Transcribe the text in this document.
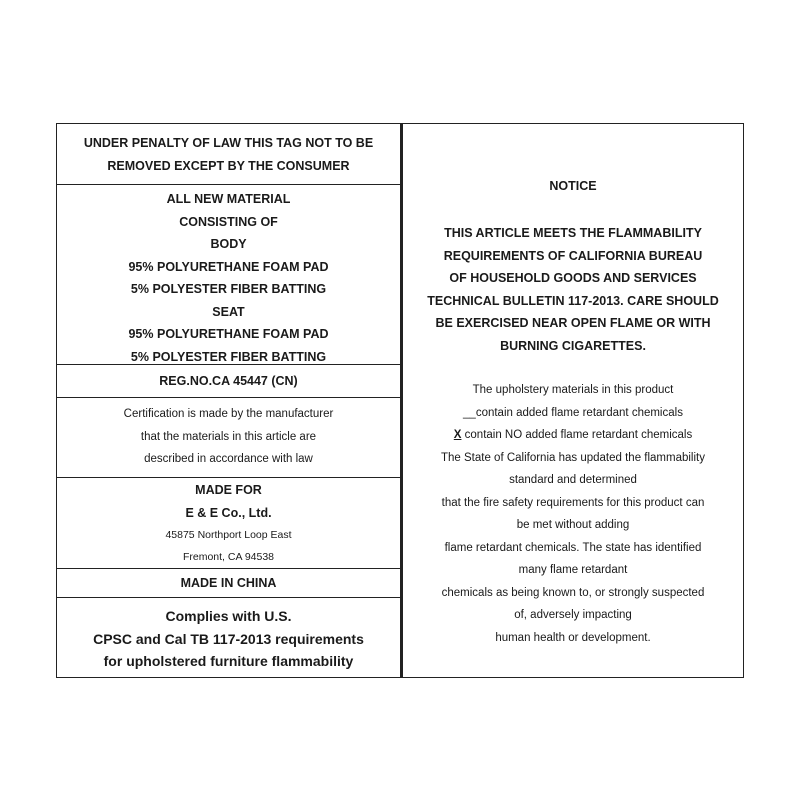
UNDER PENALTY OF LAW THIS TAG NOT TO BE
REMOVED EXCEPT BY THE CONSUMER
ALL NEW MATERIAL
CONSISTING OF
BODY
95% POLYURETHANE FOAM PAD
5% POLYESTER FIBER BATTING
SEAT
95% POLYURETHANE FOAM PAD
5% POLYESTER FIBER BATTING
REG.NO.CA 45447 (CN)
Certification is made by the manufacturer
that the materials in this article are
described in accordance with law
MADE FOR
E & E Co., Ltd.
45875 Northport Loop East
Fremont, CA 94538
MADE IN CHINA
Complies with U.S.
CPSC and Cal TB 117-2013 requirements
for upholstered furniture flammability
NOTICE
THIS ARTICLE MEETS THE FLAMMABILITY
REQUIREMENTS OF CALIFORNIA BUREAU
OF HOUSEHOLD GOODS AND SERVICES
TECHNICAL BULLETIN 117-2013. CARE SHOULD
BE EXERCISED NEAR OPEN FLAME OR WITH
BURNING CIGARETTES.
The upholstery materials in this product
__contain added flame retardant chemicals
X contain NO added flame retardant chemicals
The State of California has updated the flammability
standard and determined
that the fire safety requirements for this product can
be met without adding
flame retardant chemicals. The state has identified
many flame retardant
chemicals as being known to, or strongly suspected
of, adversely impacting
human health or development.
